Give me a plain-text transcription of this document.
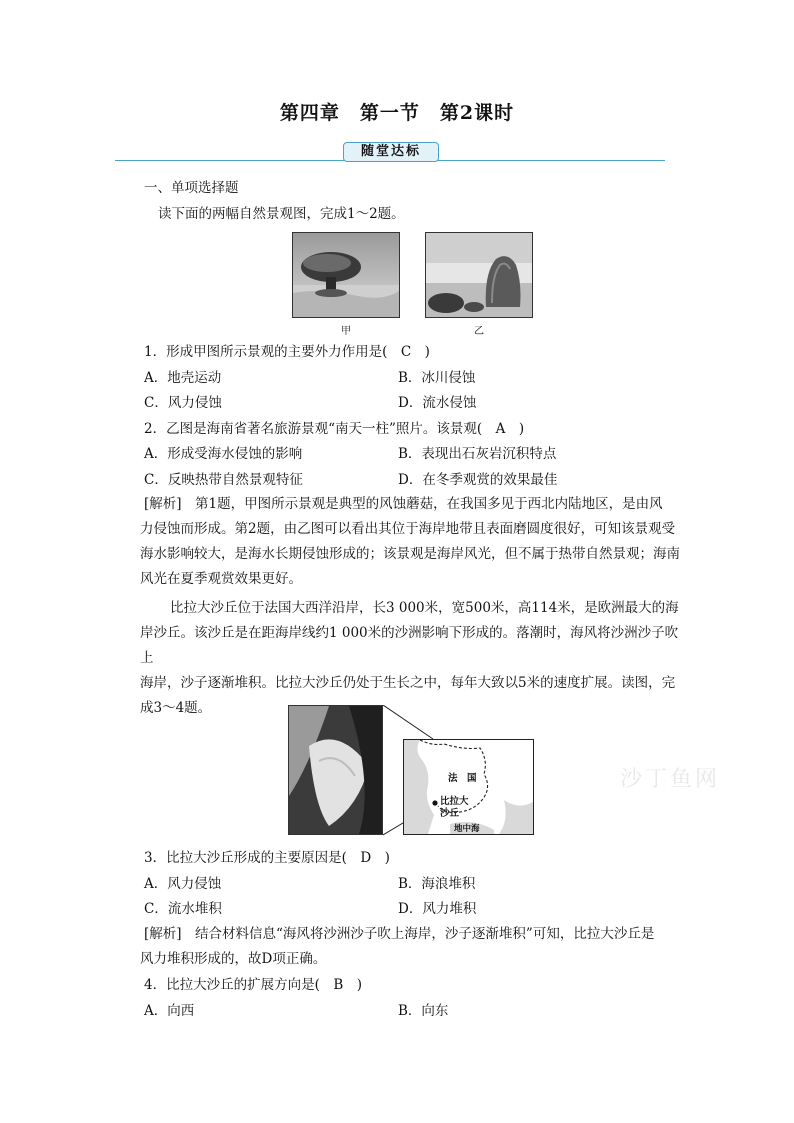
第四章　第一节　第2课时
随堂达标
一、单项选择题
读下面的两幅自然景观图，完成1～2题。
甲	乙
1．形成甲图所示景观的主要外力作用是(　C　)
A．地壳运动	B．冰川侵蚀
C．风力侵蚀	D．流水侵蚀
2．乙图是海南省著名旅游景观“南天一柱”照片。该景观(　A　)
A．形成受海水侵蚀的影响	B．表现出石灰岩沉积特点
C．反映热带自然景观特征	D．在冬季观赏的效果最佳
[解析]　第1题，甲图所示景观是典型的风蚀蘑菇，在我国多见于西北内陆地区，是由风
力侵蚀而形成。第2题，由乙图可以看出其位于海岸地带且表面磨圆度很好，可知该景观受
海水影响较大，是海水长期侵蚀形成的；该景观是海岸风光，但不属于热带自然景观；海南
风光在夏季观赏效果更好。
比拉大沙丘位于法国大西洋沿岸，长3 000米，宽500米，高114米，是欧洲最大的海
岸沙丘。该沙丘是在距海岸线约1 000米的沙洲影响下形成的。落潮时，海风将沙洲沙子吹上
海岸，沙子逐渐堆积。比拉大沙丘仍处于生长之中，每年大致以5米的速度扩展。读图，完
成3～4题。
法　国
比拉大
沙丘
地中海
沙丁鱼网
3．比拉大沙丘形成的主要原因是(　D　)
A．风力侵蚀	B．海浪堆积
C．流水堆积	D．风力堆积
[解析]　结合材料信息“海风将沙洲沙子吹上海岸，沙子逐渐堆积”可知，比拉大沙丘是
风力堆积形成的，故D项正确。
4．比拉大沙丘的扩展方向是(　B　)
A．向西	B．向东
